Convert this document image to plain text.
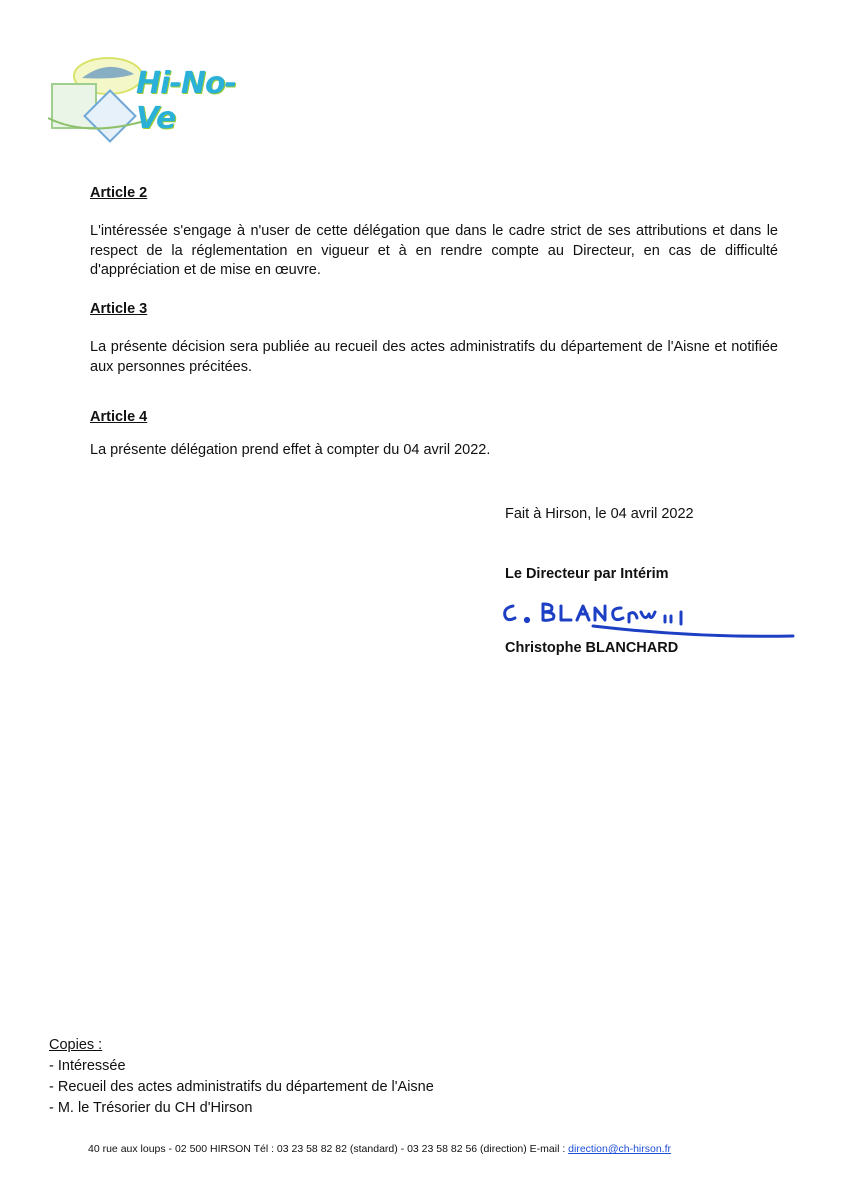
Hi-No-Ve
Article 2
L'intéressée s'engage à n'user de cette délégation que dans le cadre strict de ses attributions et dans le respect de la réglementation en vigueur et à en rendre compte au Directeur, en cas de difficulté d'appréciation et de mise en œuvre.
Article 3
La présente décision sera publiée au recueil des actes administratifs du département de l'Aisne et notifiée aux personnes précitées.
Article 4
La présente délégation prend effet à compter du 04 avril 2022.
Fait à Hirson, le 04 avril 2022
Le Directeur par Intérim
Christophe BLANCHARD
Copies :
- Intéressée
- Recueil des actes administratifs du département de l'Aisne
- M. le Trésorier du CH d'Hirson
40 rue aux loups - 02 500 HIRSON Tél : 03 23 58 82 82 (standard) - 03 23 58 82 56 (direction) E-mail : direction@ch-hirson.fr
